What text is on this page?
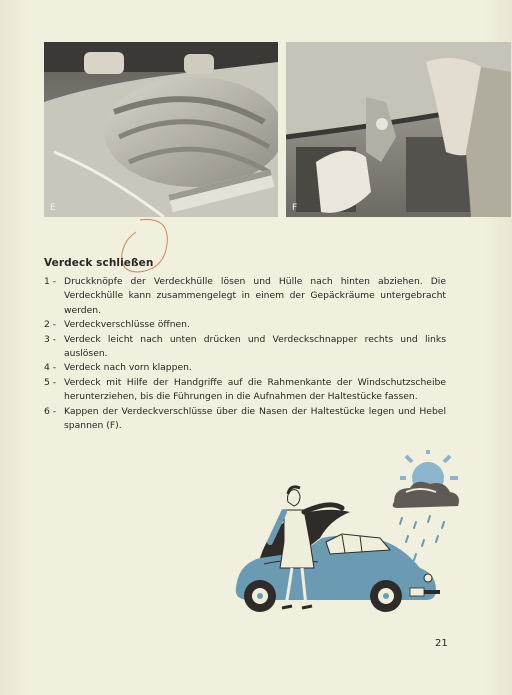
E	F
Verdeck schließen
1 - Druckknöpfe der Verdeckhülle lösen und Hülle nach hinten abziehen. Die Verdeckhülle kann zusammengelegt in einem der Gepäckräume untergebracht werden.
2 - Verdeckverschlüsse öffnen.
3 - Verdeck leicht nach unten drücken und Verdeckschnapper rechts und links auslösen.
4 - Verdeck nach vorn klappen.
5 - Verdeck mit Hilfe der Handgriffe auf die Rahmenkante der Windschutzscheibe herunterziehen, bis die Führungen in die Aufnahmen der Haltestücke fassen.
6 - Kappen der Verdeckverschlüsse über die Nasen der Haltestücke legen und Hebel spannen (F).
21
